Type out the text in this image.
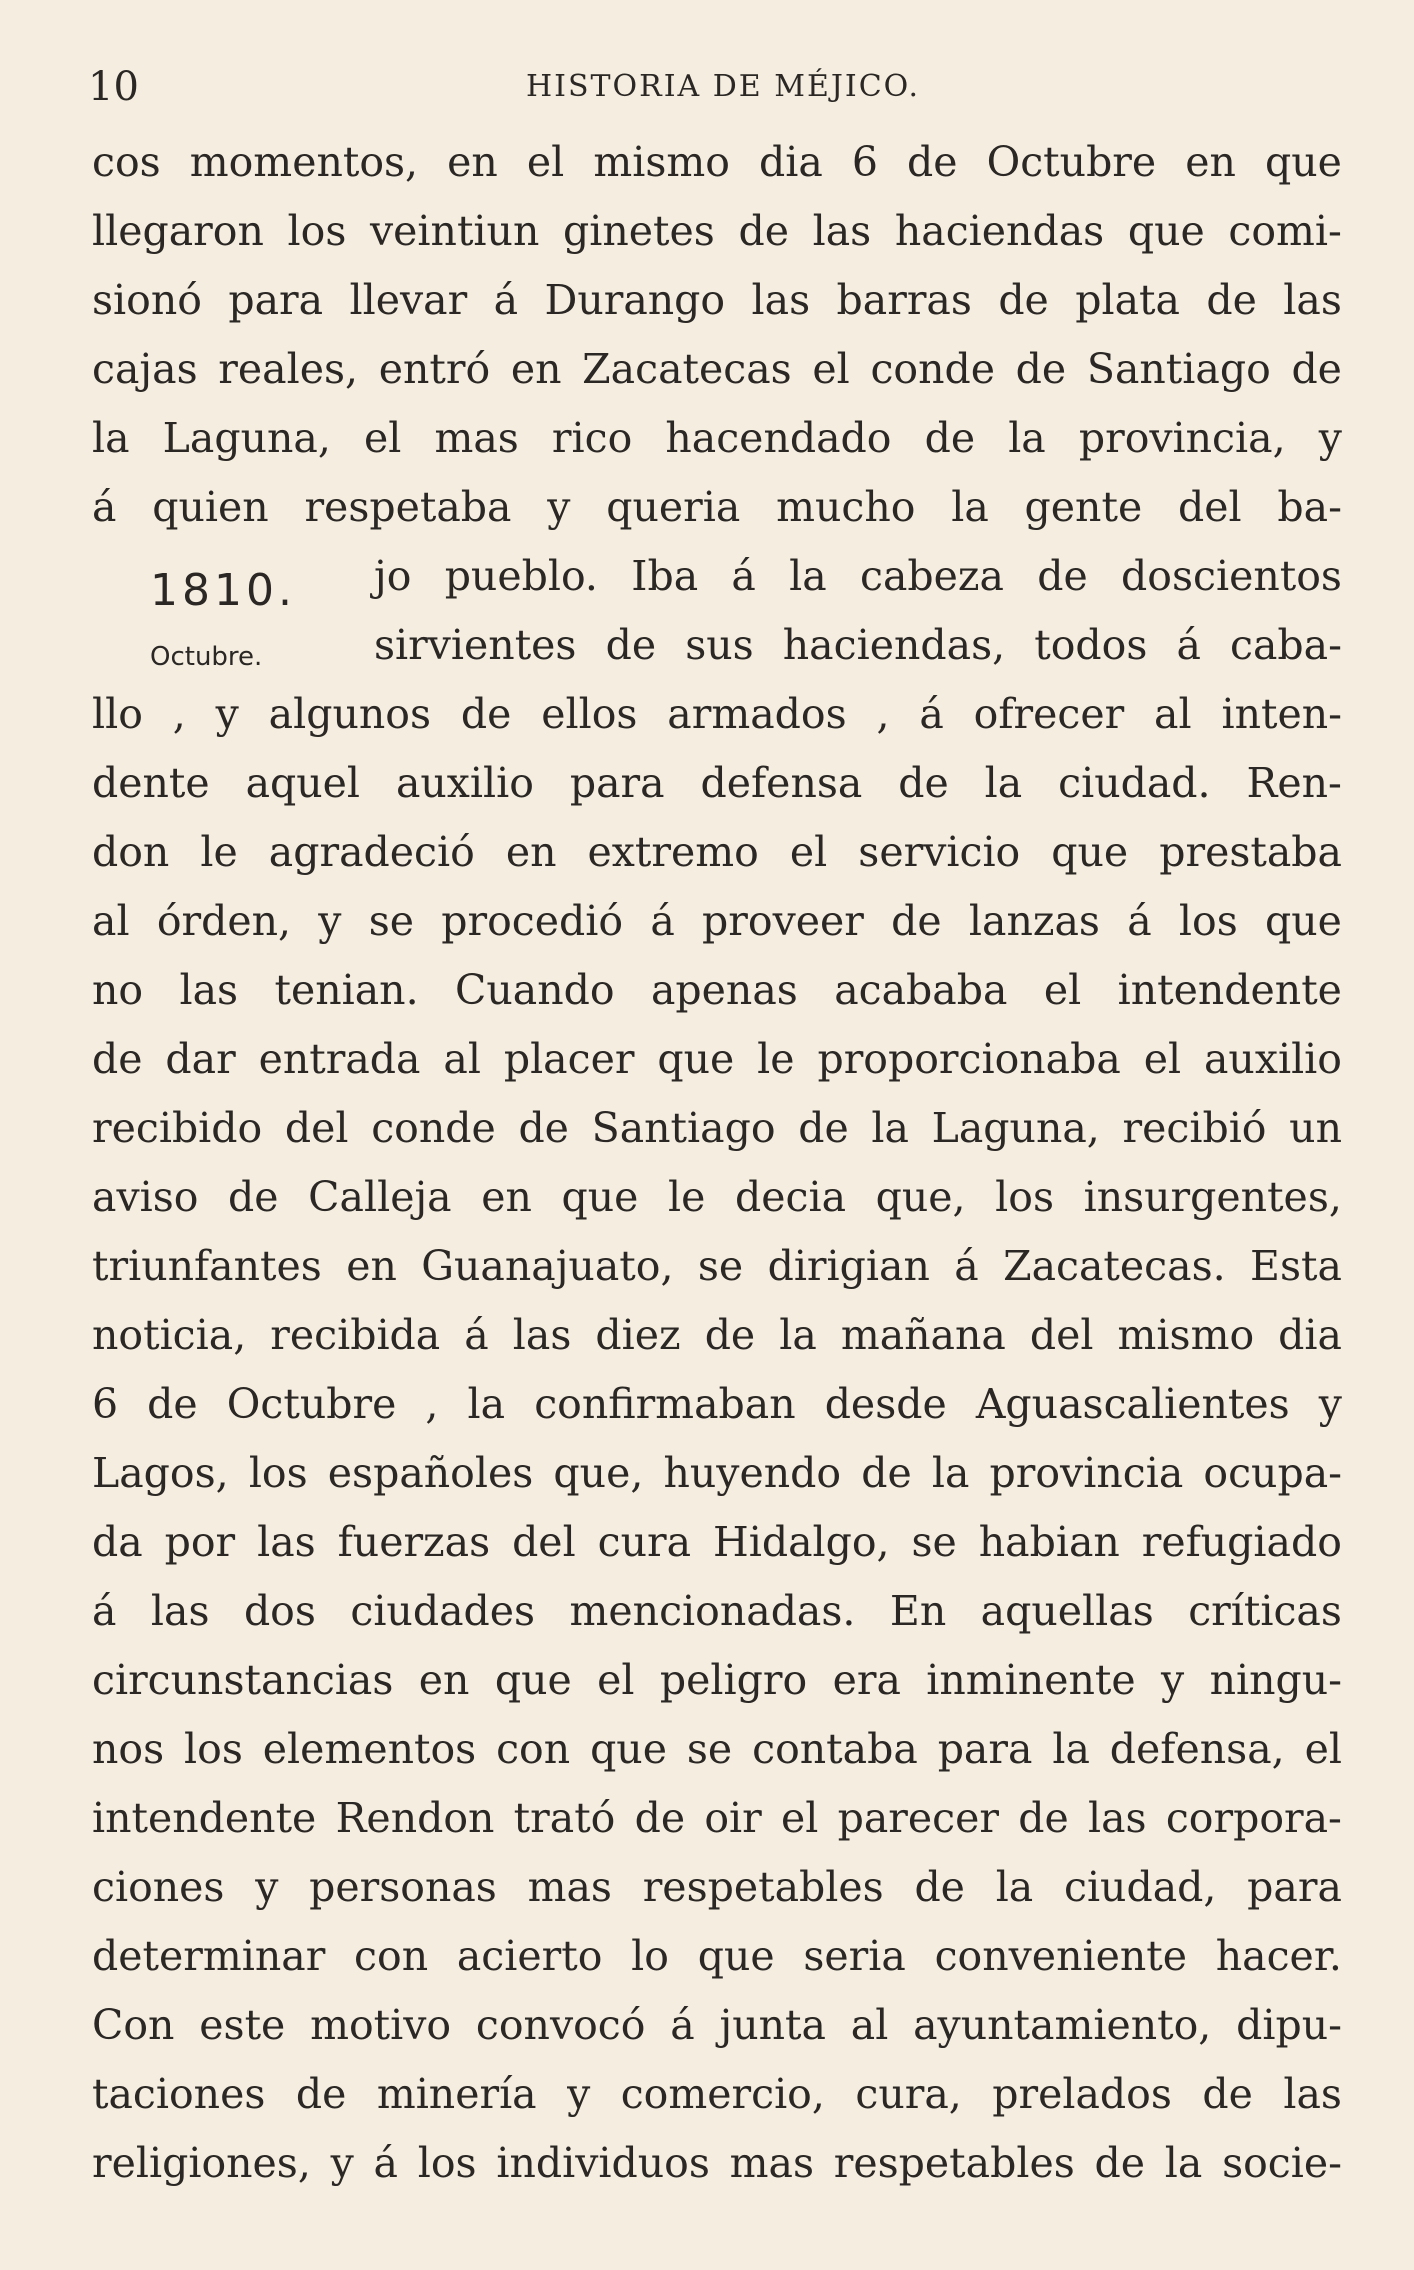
10	HISTORIA DE MÉJICO.
1810.
Octubre.
cos momentos, en el mismo dia 6 de Octubre en que
llegaron los veintiun ginetes de las haciendas que comi-
sionó para llevar á Durango las barras de plata de las
cajas reales, entró en Zacatecas el conde de Santiago de
la Laguna, el mas rico hacendado de la provincia, y
á quien respetaba y queria mucho la gente del ba-
jo pueblo. Iba á la cabeza de doscientos
sirvientes de sus haciendas, todos á caba-
llo , y algunos de ellos armados , á ofrecer al inten-
dente aquel auxilio para defensa de la ciudad. Ren-
don le agradeció en extremo el servicio que prestaba
al órden, y se procedió á proveer de lanzas á los que
no las tenian. Cuando apenas acababa el intendente
de dar entrada al placer que le proporcionaba el auxilio
recibido del conde de Santiago de la Laguna, recibió un
aviso de Calleja en que le decia que, los insurgentes,
triunfantes en Guanajuato, se dirigian á Zacatecas. Esta
noticia, recibida á las diez de la mañana del mismo dia
6 de Octubre , la confirmaban desde Aguascalientes y
Lagos, los españoles que, huyendo de la provincia ocupa-
da por las fuerzas del cura Hidalgo, se habian refugiado
á las dos ciudades mencionadas. En aquellas críticas
circunstancias en que el peligro era inminente y ningu-
nos los elementos con que se contaba para la defensa, el
intendente Rendon trató de oir el parecer de las corpora-
ciones y personas mas respetables de la ciudad, para
determinar con acierto lo que seria conveniente hacer.
Con este motivo convocó á junta al ayuntamiento, dipu-
taciones de minería y comercio, cura, prelados de las
religiones, y á los individuos mas respetables de la socie-
